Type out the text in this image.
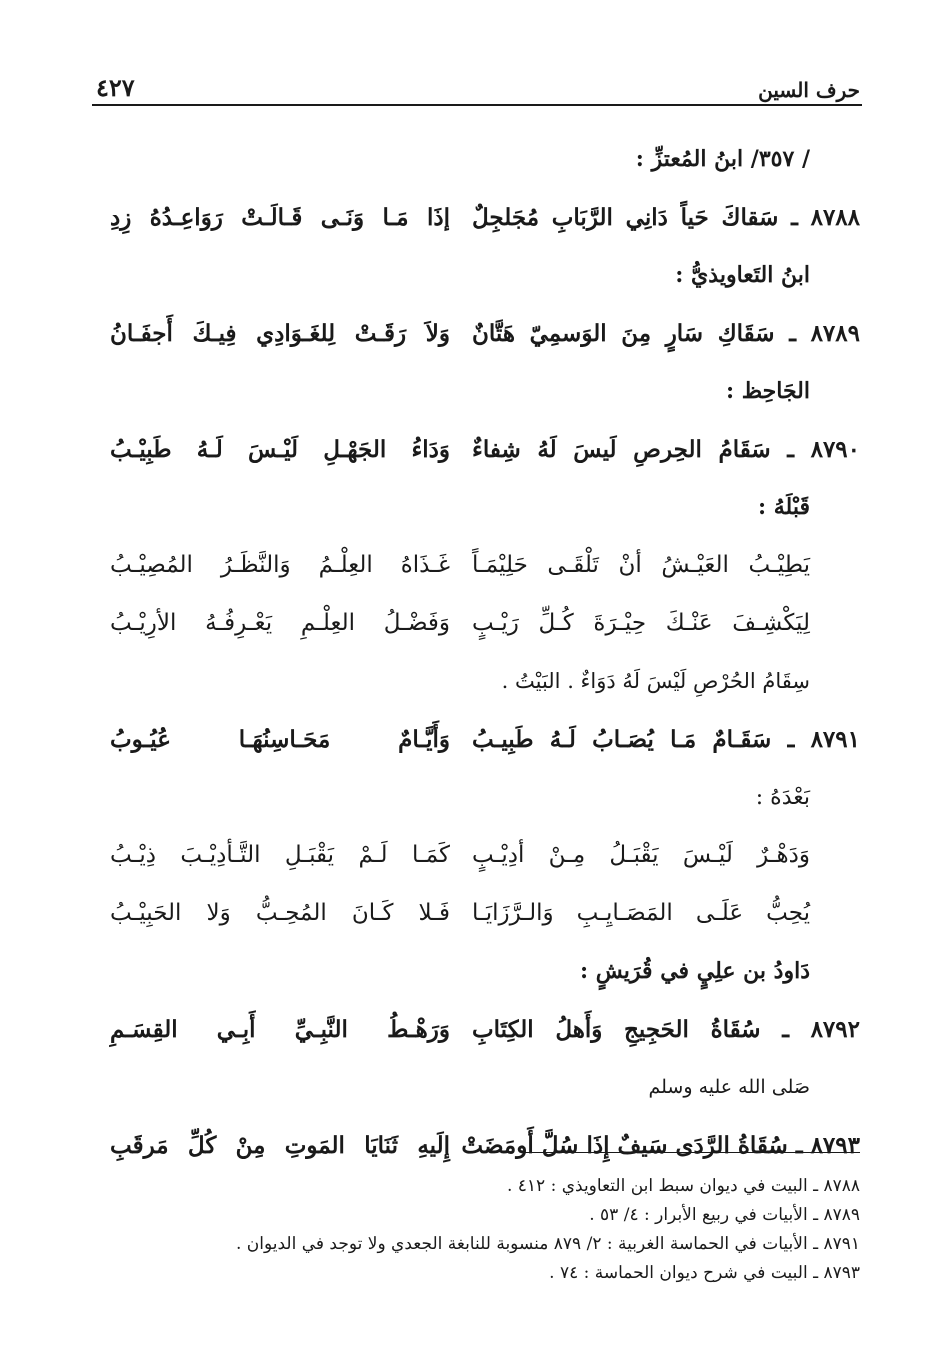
حرف السين
٤٢٧
/ ٣٥٧/ ابنُ المُعتزِّ :
٨٧٨٨ ـ سَقاكَ حَياً دَانِي الرَّبَابِ مُجَلجِلٌ
إذَا مَـا وَنَـى قَـالَـتْ رَوَاعِـدُهُ زِدِ
ابنُ التَعاويذيُّ :
٨٧٨٩ ـ سَقَاكِ سَارٍ مِنَ الوَسمِيّ هَتَّانٌ
وَلاَ رَقَـتْ لِلغَـوَادِي فِيـكَ أَجفَـانُ
الجَاحِظ :
٨٧٩٠ ـ سَقَامُ الحِرصِ لَيسَ لَهُ شِفاءٌ
وَدَاءُ الجَهْـلِ لَيْـسَ لَـهُ طَبِيْـبُ
قَبْلَهُ :
يَطِيْـبُ العَيْـشُ أنْ تَلْقَـى حَلِيْمَـاً
غَـذَاهُ العِلْـمُ وَالنَّظَـرُ المُصِيْـبُ
لِيَكْشِـفَ عَنْـكَ حِيْـرَةَ كُـلِّ رَيْـبٍ
وَفَضْـلُ العِلْـمِ يَعْـرِفُـهُ الأرِيْـبُ
سِقَامُ الحُرْصِ لَيْسَ لَهُ دَوَاءٌ . البَيْتُ .
٨٧٩١ ـ سَقَـامٌ مَـا يُصَـابُ لَـهُ طَبِيـبُ
وَأَيَّـامٌ مَحَـاسِنُهَـا عُيُـوبُ
بَعْدَهُ :
وَدَهْـرٌ لَيْـسَ يَقْبَـلُ مِـنْ أدِيْـبٍ
كَمَـا لَـمْ يَقْبَـلِ التَّـأدِيْـبَ ذِيْـبُ
يُحِبُّ عَلَـى المَصَـايِـبِ وَالـرَّزَايَـا
فَـلا كَـانَ المُحِـبُّ وَلا الحَبِيْـبُ
دَاودُ بن علِيٍ في قُرَيشٍ :
٨٧٩٢ ـ سُقَاةُ الحَجِيجِ وَأَهلُ الكِتَابِ
وَرَهْـطُ النَّبِـيِّ أَبِـي القِسَـمِ
صَلى الله عليه وسلم
٨٧٩٣ ـ سُقَاةُ الرَّدَى سَيفٌ إِذَا سُلَّ أَومَضَتْ
إِلَيهِ ثَنَايَا المَوتِ مِنْ كُلِّ مَرقَبِ
٨٧٨٨ ـ البيت في ديوان سبط ابن التعاويذي : ٤١٢ .
٨٧٨٩ ـ الأبيات في ربيع الأبرار : ٤/ ٥٣ .
٨٧٩١ ـ الأبيات في الحماسة الغربية : ٢/ ٨٧٩ منسوبة للنابغة الجعدي ولا توجد في الديوان .
٨٧٩٣ ـ البيت في شرح ديوان الحماسة : ٧٤ .
